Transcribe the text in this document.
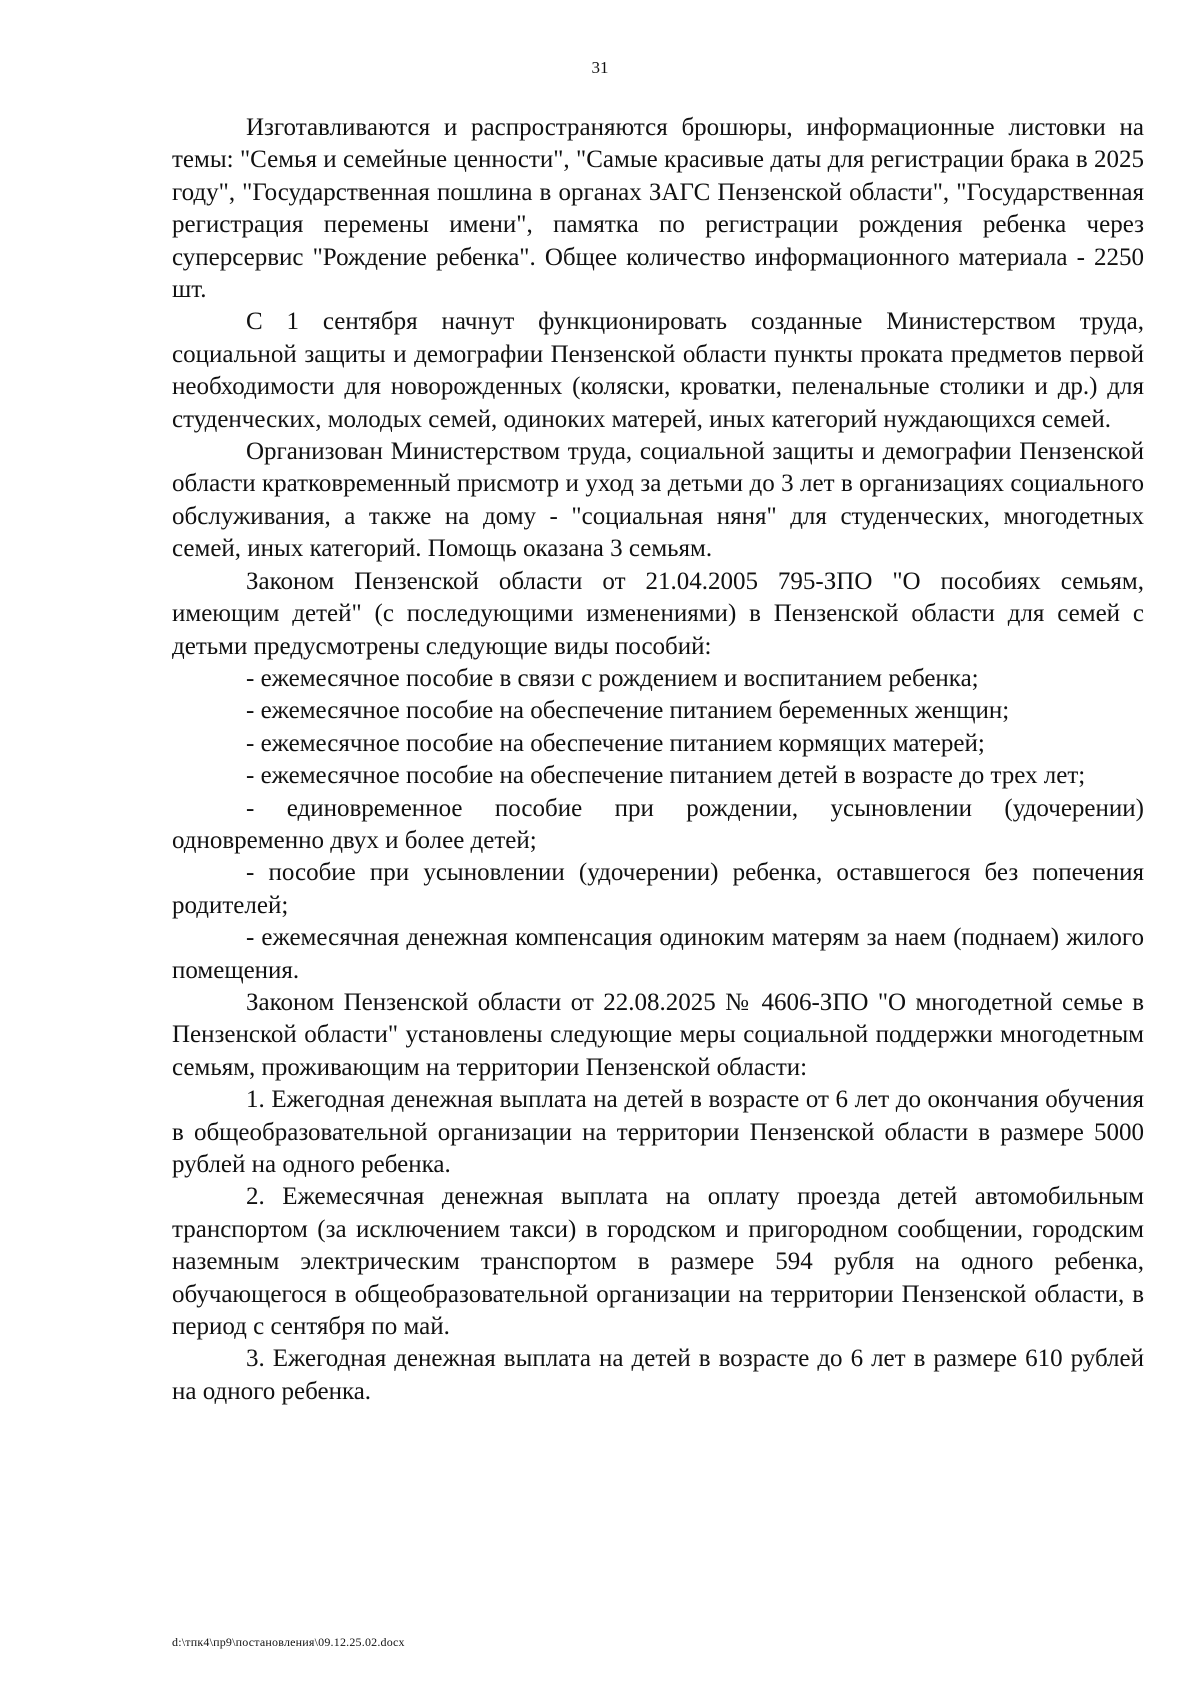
31

Изготавливаются и распространяются брошюры, информационные листовки на темы: "Семья и семейные ценности", "Самые красивые даты для регистрации брака в 2025 году", "Государственная пошлина в органах ЗАГС Пензенской области", "Государственная регистрация перемены имени", памятка по регистрации рождения ребенка через суперсервис "Рождение ребенка". Общее количество информационного материала - 2250 шт.

С 1 сентября начнут функционировать созданные Министерством труда, социальной защиты и демографии Пензенской области пункты проката предметов первой необходимости для новорожденных (коляски, кроватки, пеленальные столики и др.) для студенческих, молодых семей, одиноких матерей, иных категорий нуждающихся семей.

Организован Министерством труда, социальной защиты и демографии Пензенской области кратковременный присмотр и уход за детьми до 3 лет в организациях социального обслуживания, а также на дому - "социальная няня" для студенческих, многодетных семей, иных категорий. Помощь оказана 3 семьям.

Законом Пензенской области от 21.04.2005 795-ЗПО "О пособиях семьям, имеющим детей" (с последующими изменениями) в Пензенской области для семей с детьми предусмотрены следующие виды пособий:

- ежемесячное пособие в связи с рождением и воспитанием ребенка;

- ежемесячное пособие на обеспечение питанием беременных женщин;

- ежемесячное пособие на обеспечение питанием кормящих матерей;

- ежемесячное пособие на обеспечение питанием детей в возрасте до трех лет;

- единовременное пособие при рождении, усыновлении (удочерении) одновременно двух и более детей;

- пособие при усыновлении (удочерении) ребенка, оставшегося без попечения родителей;

- ежемесячная денежная компенсация одиноким матерям за наем (поднаем) жилого помещения.

Законом Пензенской области от 22.08.2025 № 4606-ЗПО "О многодетной семье в Пензенской области" установлены следующие меры социальной поддержки многодетным семьям, проживающим на территории Пензенской области:

1. Ежегодная денежная выплата на детей в возрасте от 6 лет до окончания обучения в общеобразовательной организации на территории Пензенской области в размере 5000 рублей на одного ребенка.

2. Ежемесячная денежная выплата на оплату проезда детей автомобильным транспортом (за исключением такси) в городском и пригородном сообщении, городским наземным электрическим транспортом в размере 594 рубля на одного ребенка, обучающегося в общеобразовательной организации на территории Пензенской области, в период с сентября по май.

3. Ежегодная денежная выплата на детей в возрасте до 6 лет в размере 610 рублей на одного ребенка.

d:\тпк4\пр9\постановления\09.12.25.02.docx
